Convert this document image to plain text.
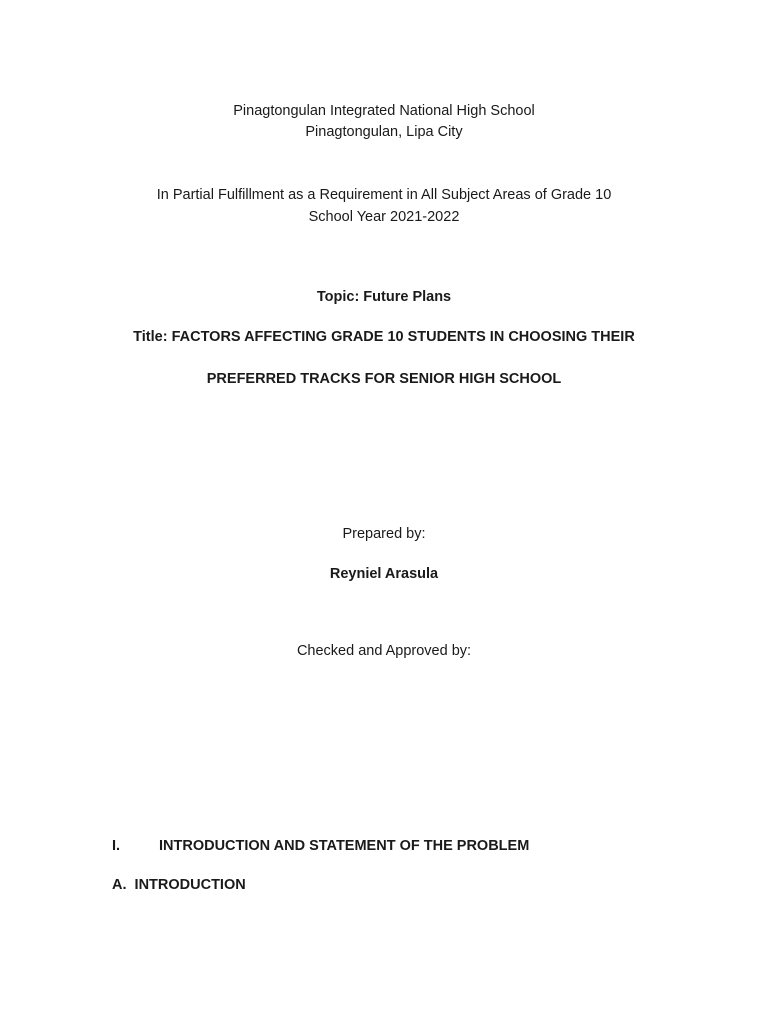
Pinagtongulan Integrated National High School
Pinagtongulan, Lipa City
In Partial Fulfillment as a Requirement in All Subject Areas of Grade 10
School Year 2021-2022
Topic: Future Plans
Title: FACTORS AFFECTING GRADE 10 STUDENTS IN CHOOSING THEIR
PREFERRED TRACKS FOR SENIOR HIGH SCHOOL
Prepared by:
Reyniel Arasula
Checked and Approved by:
I.	INTRODUCTION AND STATEMENT OF THE PROBLEM
A.  INTRODUCTION
